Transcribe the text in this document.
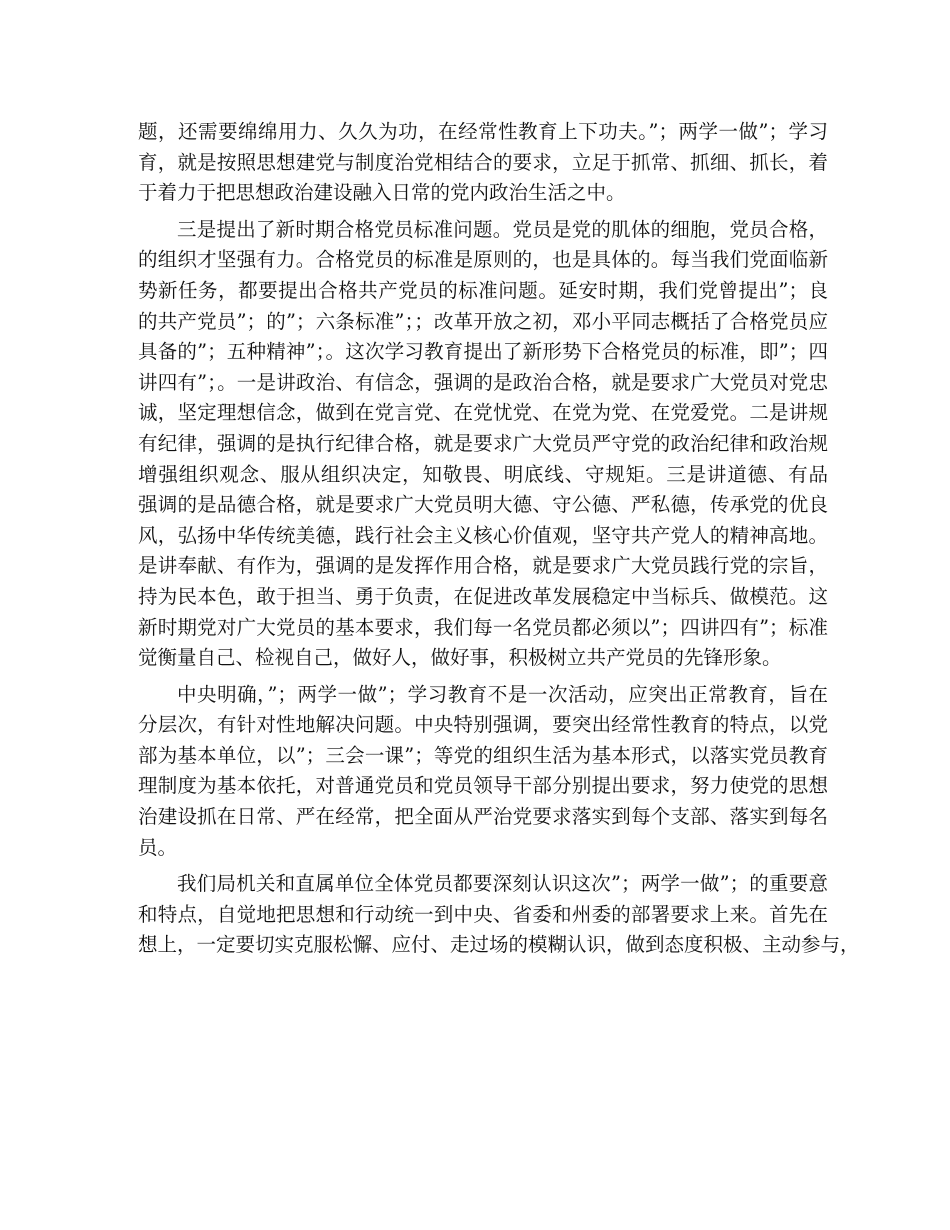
题，还需要绵绵用力、久久为功，在经常性教育上下功夫。”；两学一做”；学习
育，就是按照思想建党与制度治党相结合的要求，立足于抓常、抓细、抓长，着
于着力于把思想政治建设融入日常的党内政治生活之中。
三是提出了新时期合格党员标准问题。党员是党的肌体的细胞，党员合格，
的组织才坚强有力。合格党员的标准是原则的，也是具体的。每当我们党面临新
势新任务，都要提出合格共产党员的标准问题。延安时期，我们党曾提出”；良
的共产党员”；的”；六条标准”；；改革开放之初，邓小平同志概括了合格党员应
具备的”；五种精神”；。这次学习教育提出了新形势下合格党员的标准，即”；四
讲四有”；。一是讲政治、有信念，强调的是政治合格，就是要求广大党员对党忠
诚，坚定理想信念，做到在党言党、在党忧党、在党为党、在党爱党。二是讲规
有纪律，强调的是执行纪律合格，就是要求广大党员严守党的政治纪律和政治规
增强组织观念、服从组织决定，知敬畏、明底线、守规矩。三是讲道德、有品
强调的是品德合格，就是要求广大党员明大德、守公德、严私德，传承党的优良
风，弘扬中华传统美德，践行社会主义核心价值观，坚守共产党人的精神高地。
是讲奉献、有作为，强调的是发挥作用合格，就是要求广大党员践行党的宗旨，
持为民本色，敢于担当、勇于负责，在促进改革发展稳定中当标兵、做模范。这
新时期党对广大党员的基本要求，我们每一名党员都必须以”；四讲四有”；标准
觉衡量自己、检视自己，做好人，做好事，积极树立共产党员的先锋形象。
中央明确，”；两学一做”；学习教育不是一次活动，应突出正常教育，旨在
分层次，有针对性地解决问题。中央特别强调，要突出经常性教育的特点，以党
部为基本单位，以”；三会一课”；等党的组织生活为基本形式，以落实党员教育
理制度为基本依托，对普通党员和党员领导干部分别提出要求，努力使党的思想
治建设抓在日常、严在经常，把全面从严治党要求落实到每个支部、落实到每名
员。
我们局机关和直属单位全体党员都要深刻认识这次”；两学一做”；的重要意
和特点，自觉地把思想和行动统一到中央、省委和州委的部署要求上来。首先在
想上，一定要切实克服松懈、应付、走过场的模糊认识，做到态度积极、主动参与，
